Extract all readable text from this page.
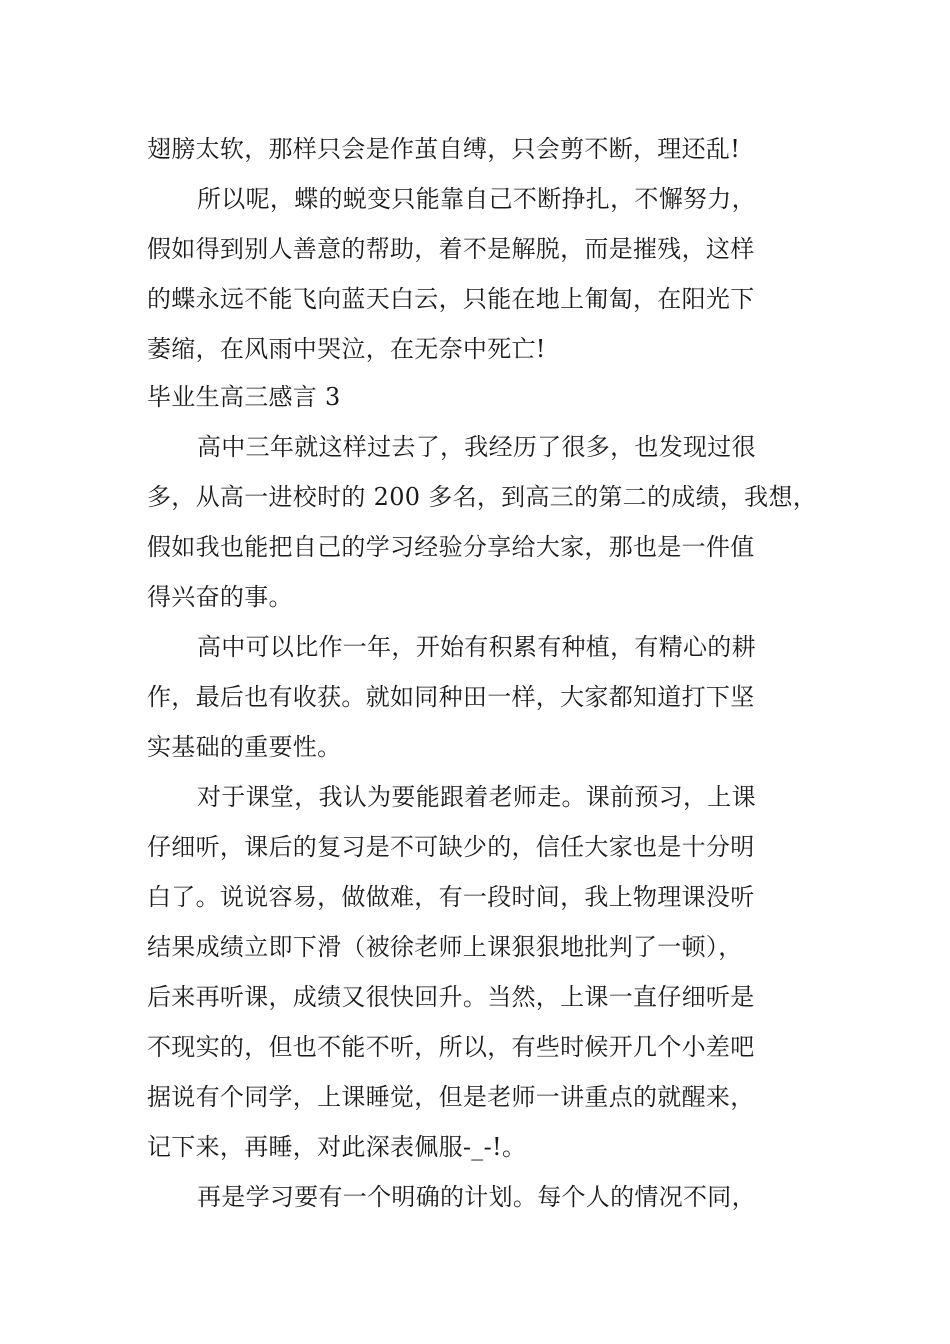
翅膀太软，那样只会是作茧自缚，只会剪不断，理还乱!
所以呢，蝶的蜕变只能靠自己不断挣扎，不懈努力，
假如得到别人善意的帮助，着不是解脱，而是摧残，这样
的蝶永远不能飞向蓝天白云，只能在地上匍匐，在阳光下
萎缩，在风雨中哭泣，在无奈中死亡!
毕业生高三感言 3
高中三年就这样过去了，我经历了很多，也发现过很
多，从高一进校时的 200 多名，到高三的第二的成绩，我想，
假如我也能把自己的学习经验分享给大家，那也是一件值
得兴奋的事。
高中可以比作一年，开始有积累有种植，有精心的耕
作，最后也有收获。就如同种田一样，大家都知道打下坚
实基础的重要性。
对于课堂，我认为要能跟着老师走。课前预习，上课
仔细听，课后的复习是不可缺少的，信任大家也是十分明
白了。说说容易，做做难，有一段时间，我上物理课没听
结果成绩立即下滑（被徐老师上课狠狠地批判了一顿），
后来再听课，成绩又很快回升。当然，上课一直仔细听是
不现实的，但也不能不听，所以，有些时候开几个小差吧
据说有个同学，上课睡觉，但是老师一讲重点的就醒来，
记下来，再睡，对此深表佩服-_-!。
再是学习要有一个明确的计划。每个人的情况不同，
